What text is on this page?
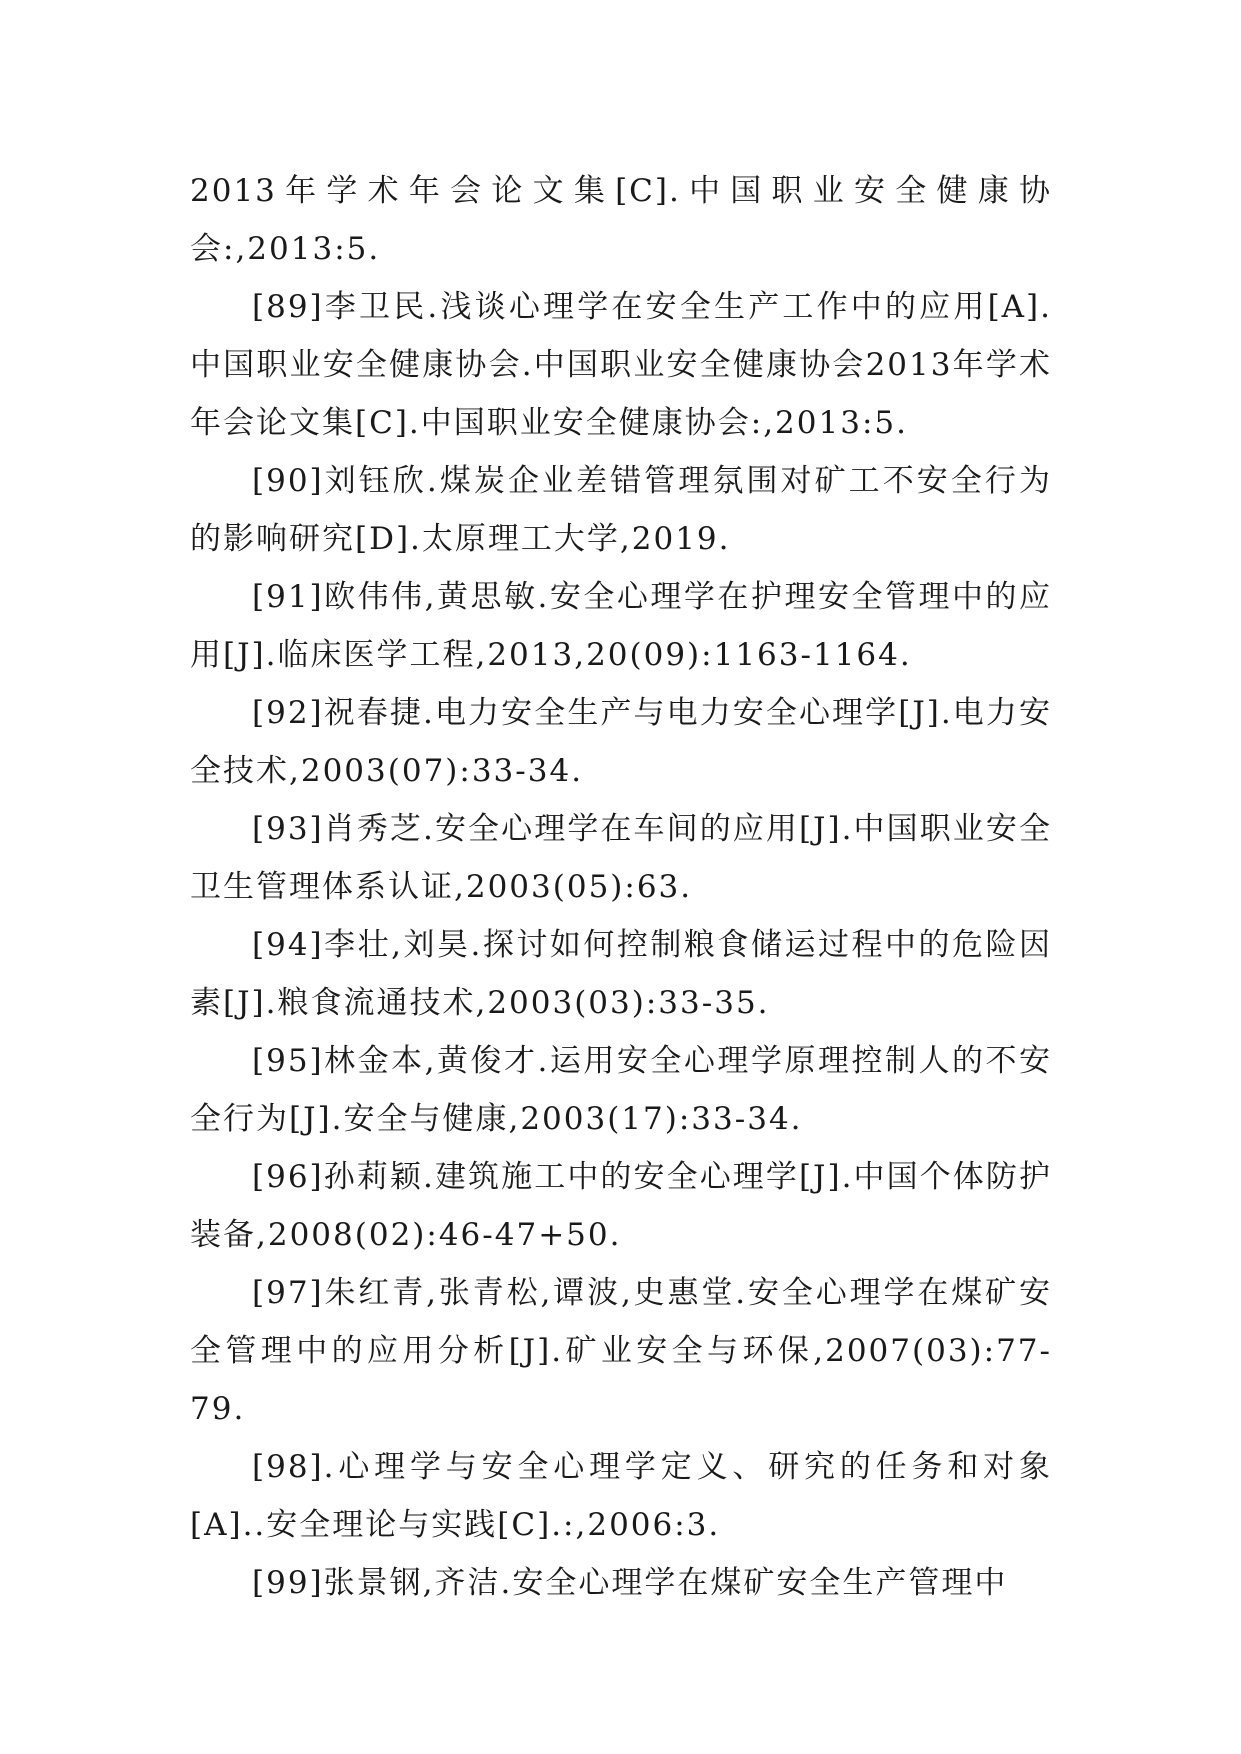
2013年学术年会论文集[C].中国职业安全健康协会:,2013:5.

[89]李卫民.浅谈心理学在安全生产工作中的应用[A].中国职业安全健康协会.中国职业安全健康协会2013年学术年会论文集[C].中国职业安全健康协会:,2013:5.

[90]刘钰欣.煤炭企业差错管理氛围对矿工不安全行为的影响研究[D].太原理工大学,2019.

[91]欧伟伟,黄思敏.安全心理学在护理安全管理中的应用[J].临床医学工程,2013,20(09):1163-1164.

[92]祝春捷.电力安全生产与电力安全心理学[J].电力安全技术,2003(07):33-34.

[93]肖秀芝.安全心理学在车间的应用[J].中国职业安全卫生管理体系认证,2003(05):63.

[94]李壮,刘昊.探讨如何控制粮食储运过程中的危险因素[J].粮食流通技术,2003(03):33-35.

[95]林金本,黄俊才.运用安全心理学原理控制人的不安全行为[J].安全与健康,2003(17):33-34.

[96]孙莉颖.建筑施工中的安全心理学[J].中国个体防护装备,2008(02):46-47+50.

[97]朱红青,张青松,谭波,史惠堂.安全心理学在煤矿安全管理中的应用分析[J].矿业安全与环保,2007(03):77-79.

[98].心理学与安全心理学定义、研究的任务和对象[A]..安全理论与实践[C].:,2006:3.

[99]张景钢,齐洁.安全心理学在煤矿安全生产管理中
